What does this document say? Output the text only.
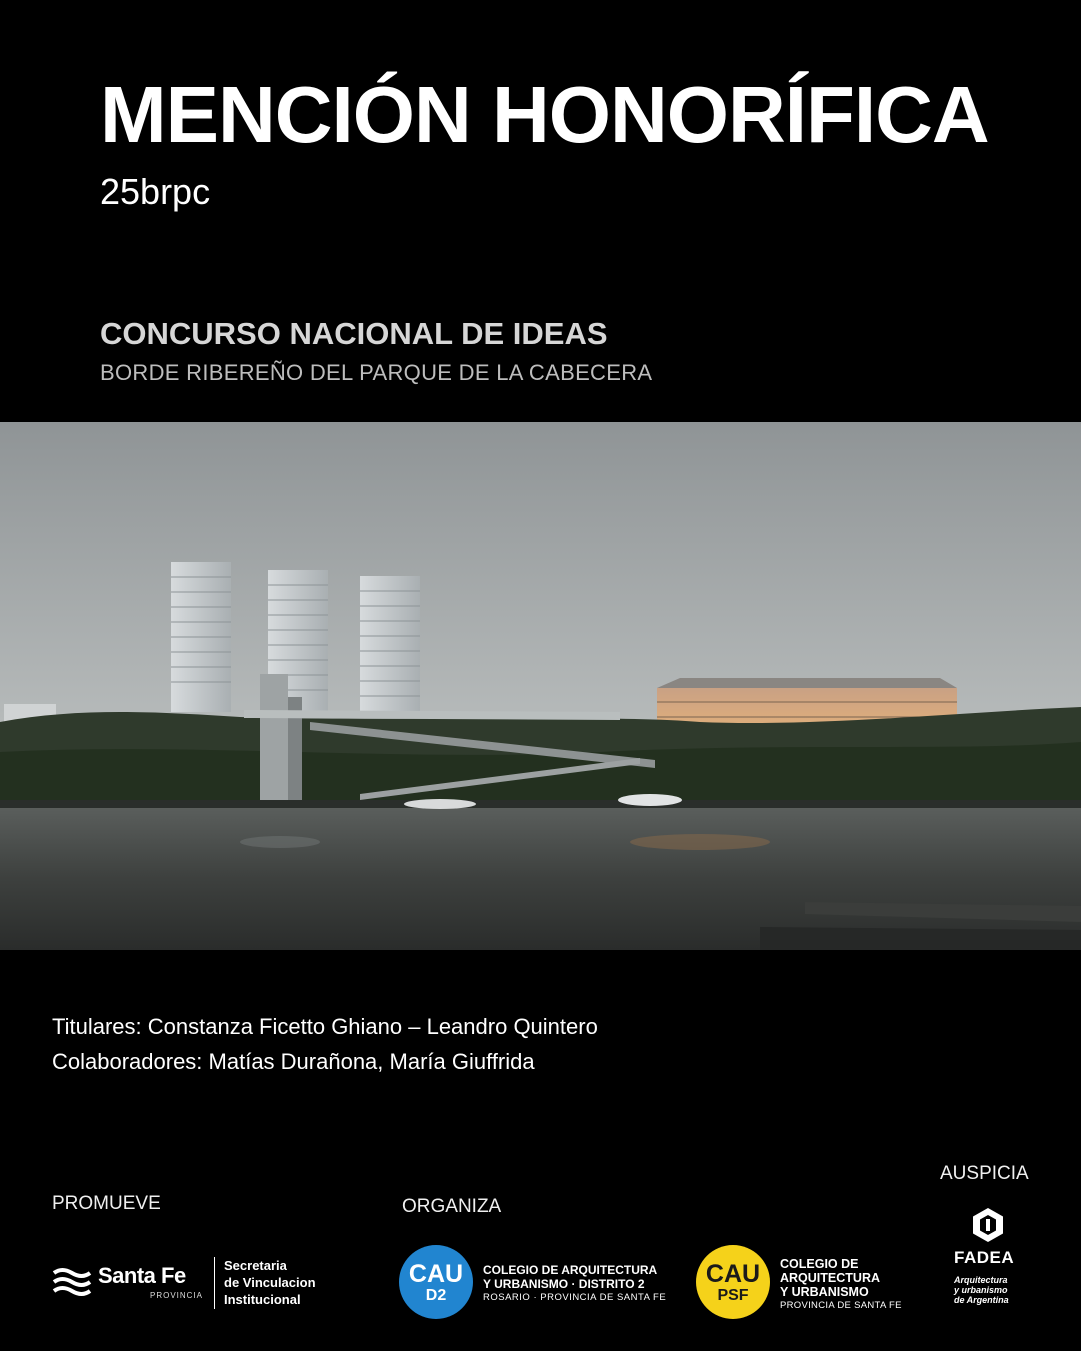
MENCIÓN HONORÍFICA
25brpc
CONCURSO NACIONAL DE IDEAS
BORDE RIBEREÑO DEL PARQUE DE LA CABECERA
Titulares: Constanza Ficetto Ghiano – Leandro Quintero
Colaboradores: Matías Durañona, María Giuffrida
PROMUEVE	ORGANIZA
AUSPICIA
Santa Fe
PROVINCIA
Secretaria
de Vinculacion
Institucional
CAU
D2
COLEGIO DE ARQUITECTURA
Y URBANISMO · DISTRITO 2
ROSARIO · PROVINCIA DE SANTA FE
CAU
PSF
COLEGIO DE
ARQUITECTURA
Y URBANISMO
PROVINCIA DE SANTA FE
FADEA
Arquitectura
y urbanismo
de Argentina
